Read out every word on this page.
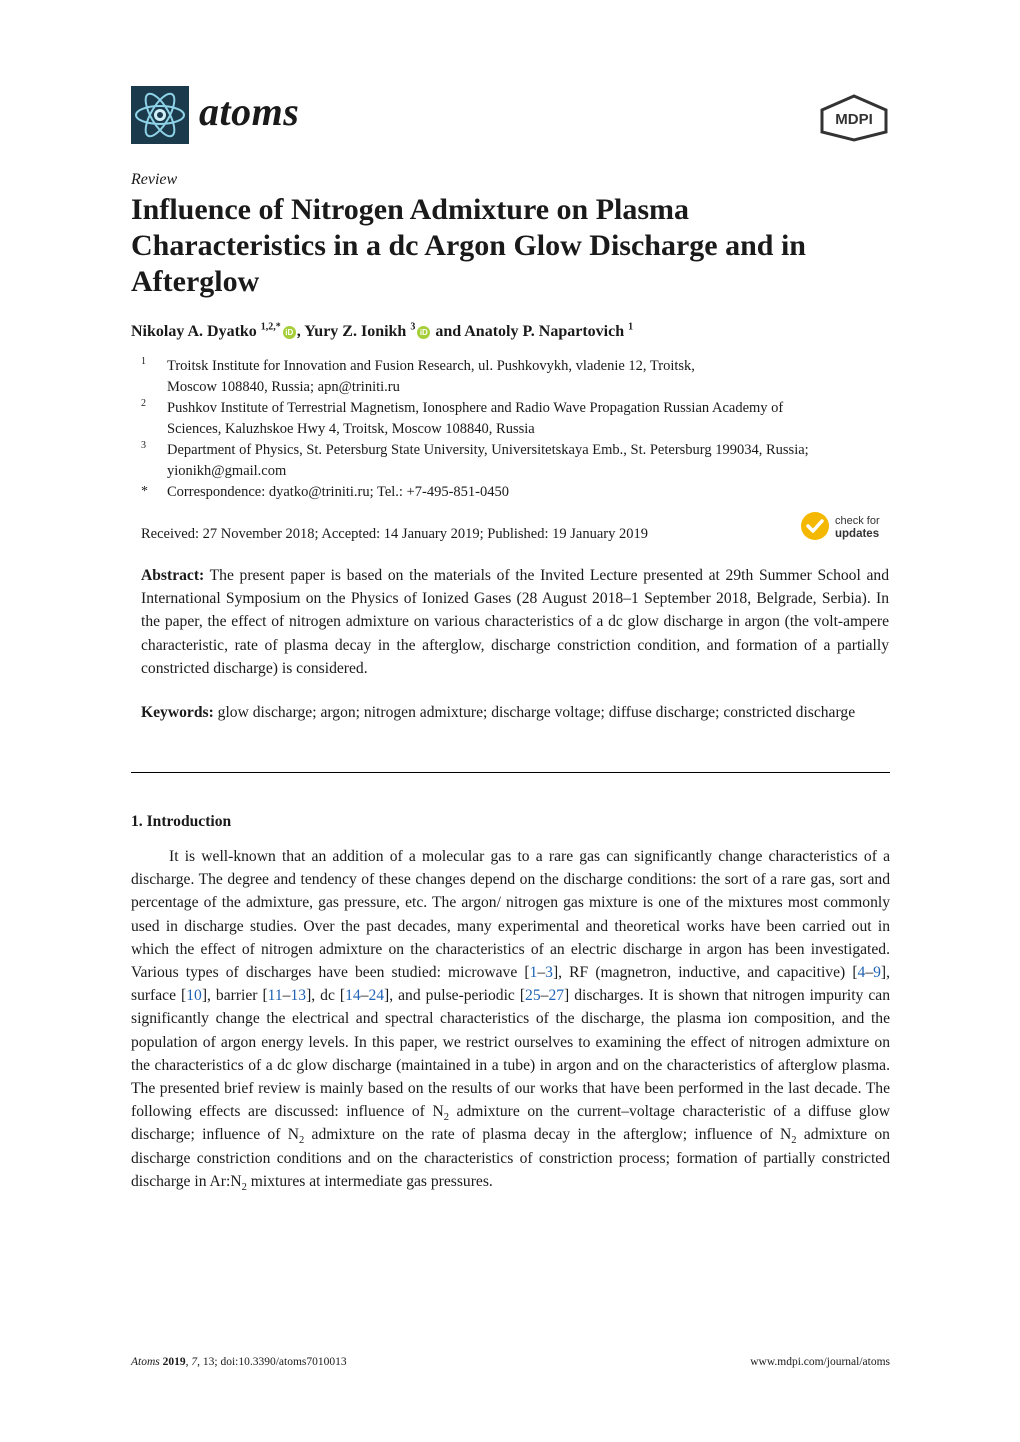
atoms	MDPI
Review
Influence of Nitrogen Admixture on Plasma Characteristics in a dc Argon Glow Discharge and in Afterglow
Nikolay A. Dyatko $^{1,2,*}$ iD , Yury Z. Ionikh $^3$ iD and Anatoly P. Napartovich $^1$
1	Troitsk Institute for Innovation and Fusion Research, ul. Pushkovykh, vladenie 12, Troitsk,
Moscow 108840, Russia; apn@triniti.ru
2	Pushkov Institute of Terrestrial Magnetism, Ionosphere and Radio Wave Propagation Russian Academy of
Sciences, Kaluzhskoe Hwy 4, Troitsk, Moscow 108840, Russia
3	Department of Physics, St. Petersburg State University, Universitetskaya Emb., St. Petersburg 199034, Russia;
yionikh@gmail.com
*	Correspondence: dyatko@triniti.ru; Tel.: +7-495-851-0450
Received: 27 November 2018; Accepted: 14 January 2019; Published: 19 January 2019
check for
updates
Abstract: The present paper is based on the materials of the Invited Lecture presented at 29th Summer School and International Symposium on the Physics of Ionized Gases (28 August 2018–1 September 2018, Belgrade, Serbia). In the paper, the effect of nitrogen admixture on various characteristics of a dc glow discharge in argon (the volt-ampere characteristic, rate of plasma decay in the afterglow, discharge constriction condition, and formation of a partially constricted discharge) is considered.
Keywords: glow discharge; argon; nitrogen admixture; discharge voltage; diffuse discharge; constricted discharge
1. Introduction
It is well-known that an addition of a molecular gas to a rare gas can significantly change characteristics of a discharge. The degree and tendency of these changes depend on the discharge conditions: the sort of a rare gas, sort and percentage of the admixture, gas pressure, etc. The argon/ nitrogen gas mixture is one of the mixtures most commonly used in discharge studies. Over the past decades, many experimental and theoretical works have been carried out in which the effect of nitrogen admixture on the characteristics of an electric discharge in argon has been investigated. Various types of discharges have been studied: microwave [1–3], RF (magnetron, inductive, and capacitive) [4–9], surface [10], barrier [11–13], dc [14–24], and pulse-periodic [25–27] discharges. It is shown that nitrogen impurity can significantly change the electrical and spectral characteristics of the discharge, the plasma ion composition, and the population of argon energy levels. In this paper, we restrict ourselves to examining the effect of nitrogen admixture on the characteristics of a dc glow discharge (maintained in a tube) in argon and on the characteristics of afterglow plasma. The presented brief review is mainly based on the results of our works that have been performed in the last decade. The following effects are discussed: influence of $N_2$ admixture on the current–voltage characteristic of a diffuse glow discharge; influence of $N_2$ admixture on the rate of plasma decay in the afterglow; influence of $N_2$ admixture on discharge constriction conditions and on the characteristics of constriction process; formation of partially constricted discharge in $Ar:N_2$ mixtures at intermediate gas pressures.
Atoms 2019, 7, 13; doi:10.3390/atoms7010013	www.mdpi.com/journal/atoms
